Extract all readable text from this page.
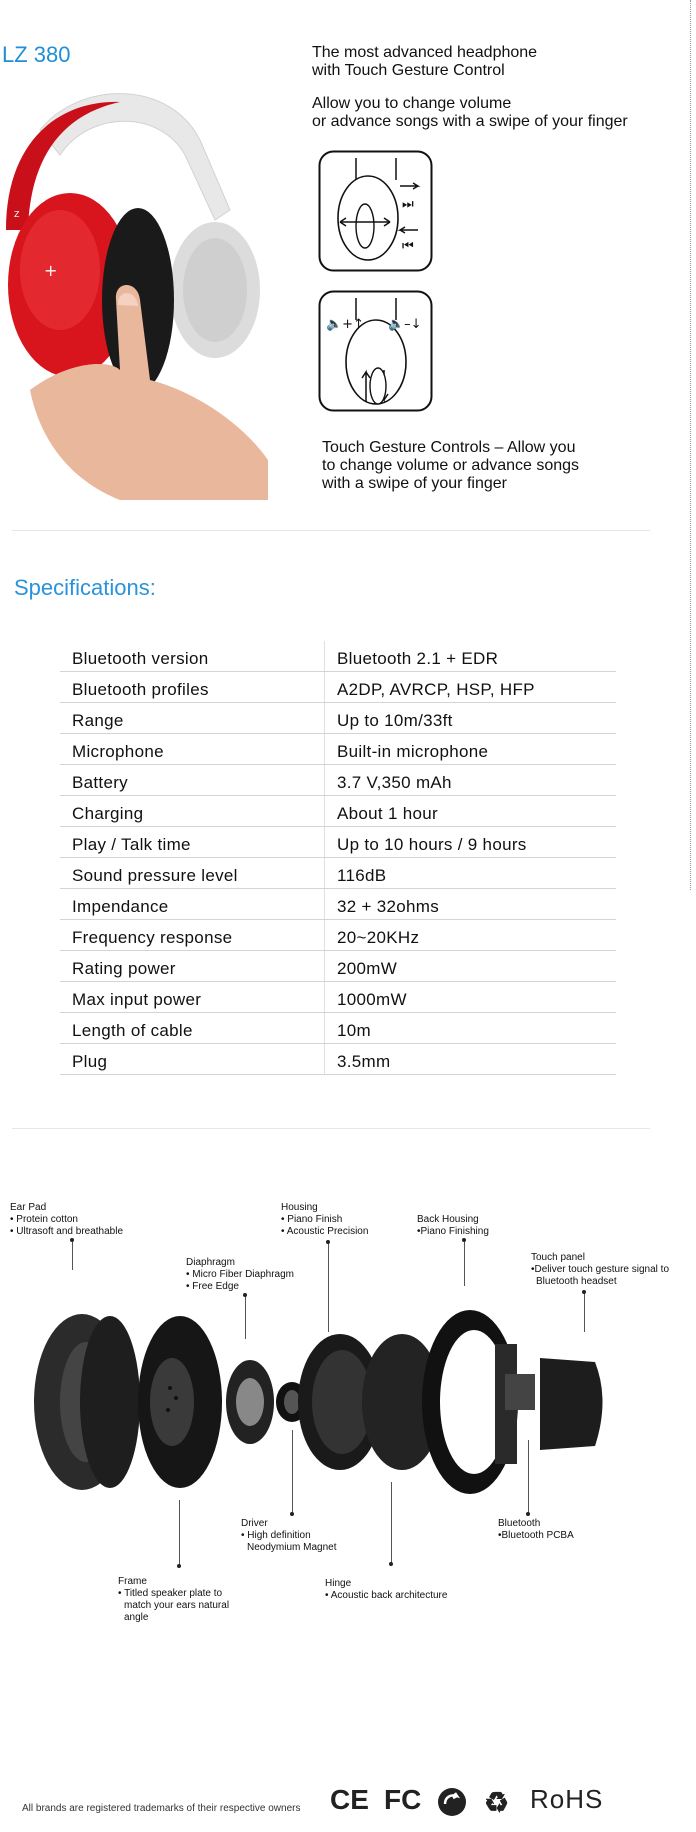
LZ 380
+
Z
The most advanced headphone
with Touch Gesture Control
Allow you to change volume
or advance songs with a swipe of your finger
⏭
⏮
🔈+↑ 🔈–↓
Touch Gesture Controls – Allow you
to change volume or advance songs
with a swipe of your finger
Specifications:
Bluetooth version	Bluetooth 2.1 + EDR
Bluetooth profiles	A2DP, AVRCP, HSP, HFP
Range	Up to 10m/33ft
Microphone	Built-in microphone
Battery	3.7 V,350 mAh
Charging	About 1 hour
Play / Talk time	Up to 10 hours / 9 hours
Sound pressure level	116dB
Impendance	32 + 32ohms
Frequency response	20~20KHz
Rating power	200mW
Max input power	1000mW
Length of cable	10m
Plug	3.5mm
Ear Pad
• Protein cotton
• Ultrasoft and breathable
Diaphragm
• Micro Fiber Diaphragm
• Free Edge
Housing
• Piano Finish
• Acoustic Precision
Back Housing
•Piano Finishing
Touch panel
•Deliver touch gesture signal to
Bluetooth headset
Driver
• High definition
Neodymium Magnet
Bluetooth
•Bluetooth PCBA
Frame
• Titled speaker plate to
match your ears natural
angle
Hinge
• Acoustic back architecture
All brands are registered trademarks of their respective owners CE FC ♻ RoHS
